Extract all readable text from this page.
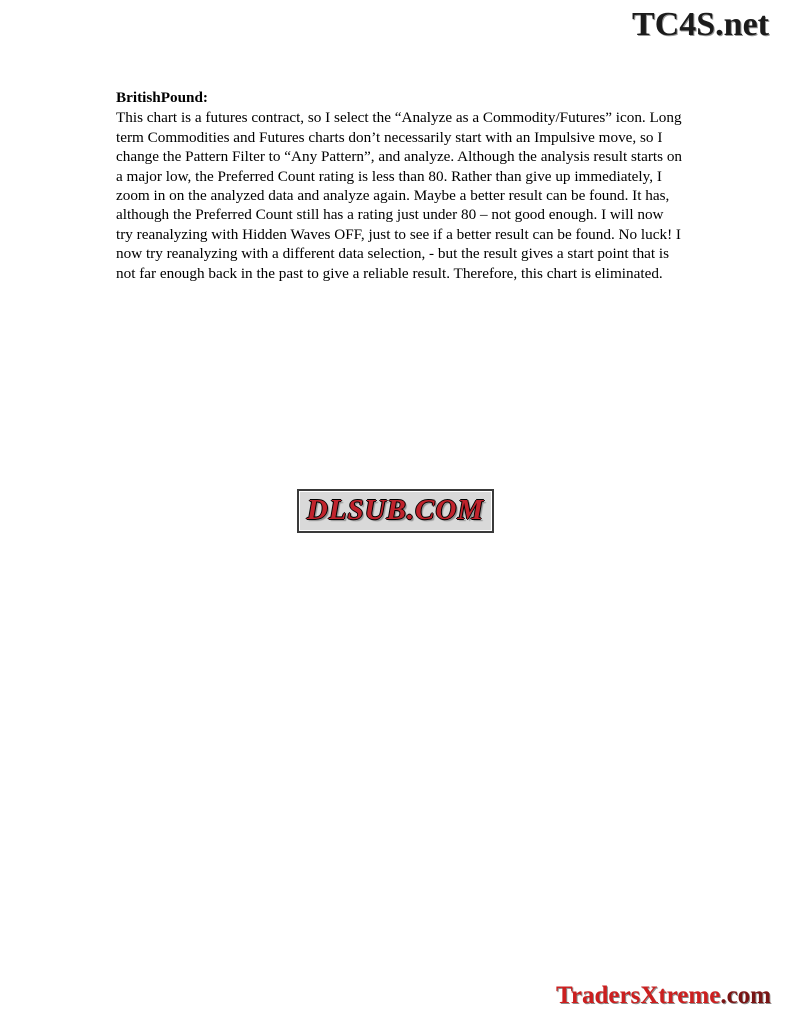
TC4S.net
BritishPound:

This chart is a futures contract, so I select the “Analyze as a Commodity/Futures” icon. Long term Commodities and Futures charts don’t necessarily start with an Impulsive move, so I change the Pattern Filter to “Any Pattern”, and analyze. Although the analysis result starts on a major low, the Preferred Count rating is less than 80. Rather than give up immediately, I zoom in on the analyzed data and analyze again. Maybe a better result can be found. It has, although the Preferred Count still has a rating just under 80 – not good enough. I will now try reanalyzing with Hidden Waves OFF, just to see if a better result can be found. No luck! I now try reanalyzing with a different data selection, - but the result gives a start point that is not far enough back in the past to give a reliable result. Therefore, this chart is eliminated.

DLSUB.COM
TradersXtreme.com
